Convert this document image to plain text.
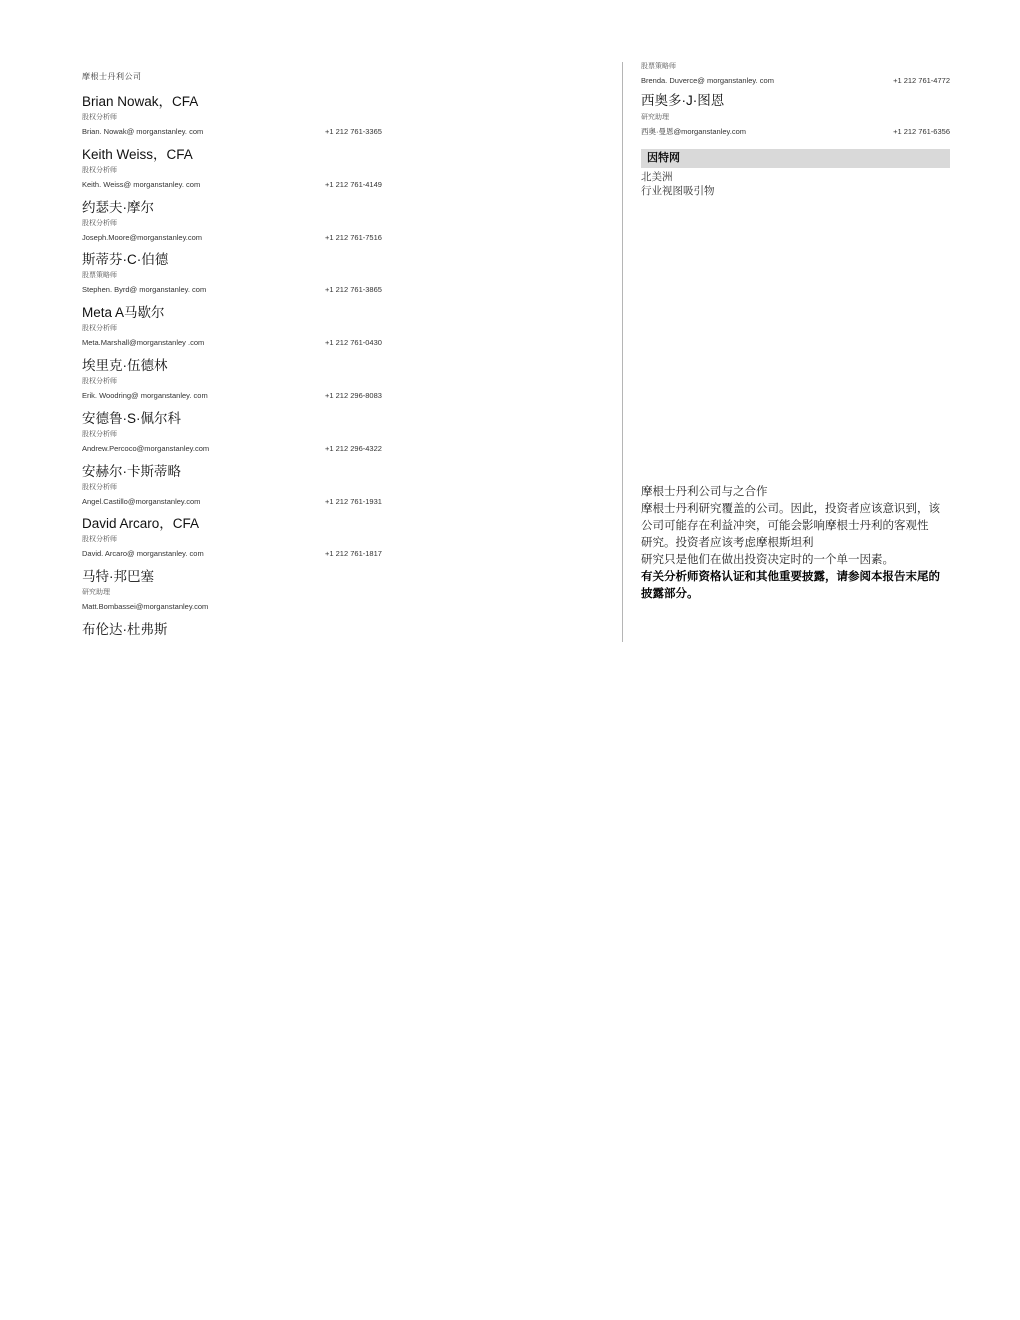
摩根士丹利公司
Brian Nowak，CFA
股权分析师
Brian. Nowak@ morganstanley. com	+1 212 761-3365
Keith Weiss，CFA
股权分析师
Keith. Weiss@ morganstanley. com	+1 212 761-4149
约瑟夫·摩尔
股权分析师
Joseph.Moore@morganstanley.com	+1 212 761-7516
斯蒂芬·C·伯德
股票策略师
Stephen. Byrd@ morganstanley. com	+1 212 761-3865
Meta A马歇尔
股权分析师
Meta.Marshall@morganstanley .com	+1 212 761-0430
埃里克·伍德林
股权分析师
Erik. Woodring@ morganstanley. com	+1 212 296-8083
安德鲁·S·佩尔科
股权分析师
Andrew.Percoco@morganstanley.com	+1 212 296-4322
安赫尔·卡斯蒂略
股权分析师
Angel.Castillo@morganstanley.com	+1 212 761-1931
David Arcaro，CFA
股权分析师
David. Arcaro@ morganstanley. com	+1 212 761-1817
马特·邦巴塞
研究助理
Matt.Bombassei@morganstanley.com
布伦达·杜弗斯
股票策略师
Brenda. Duverce@ morganstanley. com	+1 212 761-4772
西奥多·J·图恩
研究助理
西奥·曼恩@morganstanley.com	+1 212 761-6356
因特网
北美洲
行业视图吸引物

摩根士丹利公司与之合作

摩根士丹利研究覆盖的公司。因此，投资者应该意识到，该公司可能存在利益冲突，可能会影响摩根士丹利的客观性

研究。投资者应该考虑摩根斯坦利

研究只是他们在做出投资决定时的一个单一因素。

有关分析师资格认证和其他重要披露，请参阅本报告末尾的披露部分。
